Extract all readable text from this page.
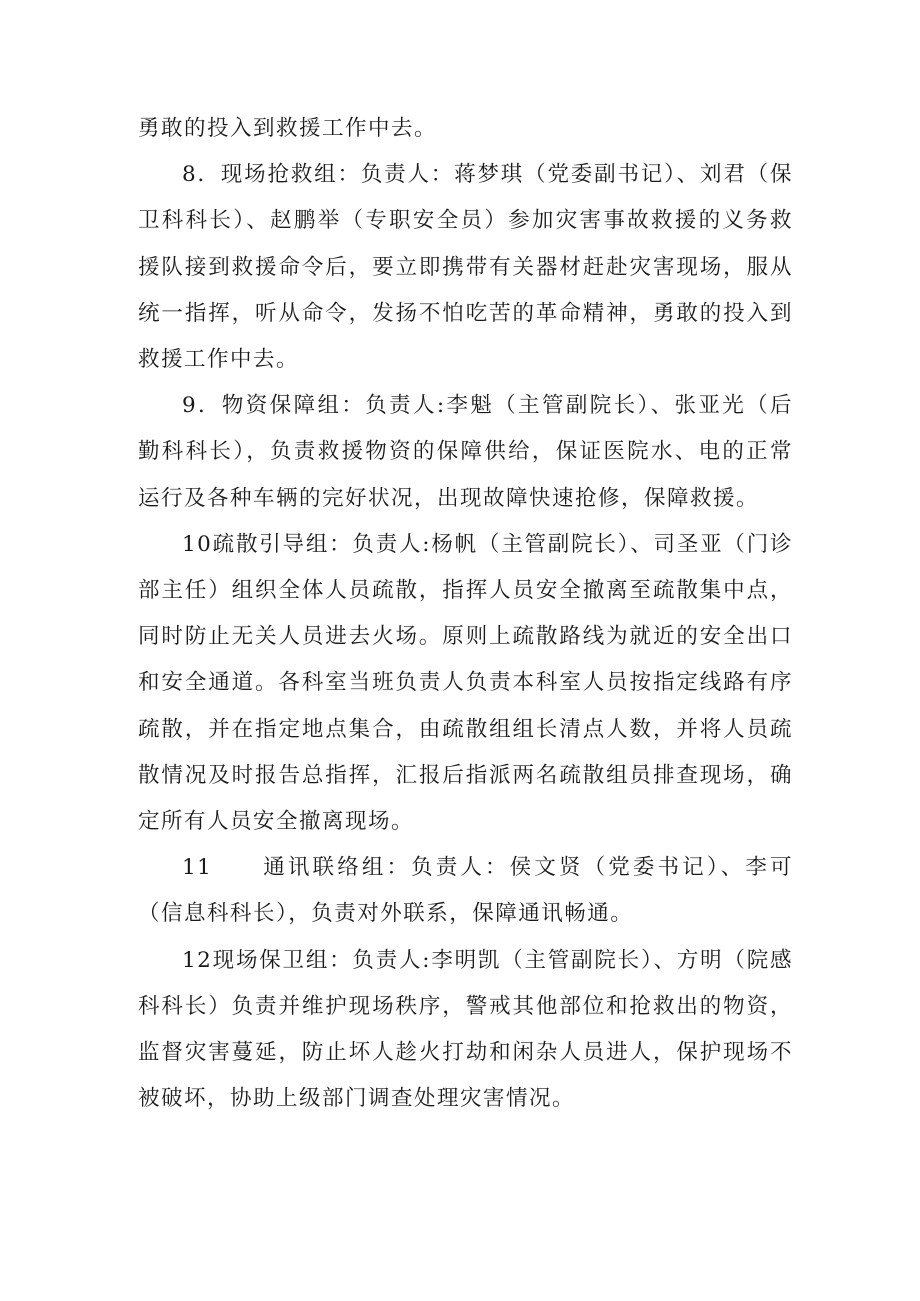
勇敢的投入到救援工作中去。

8．现场抢救组：负责人：蒋梦琪（党委副书记）、刘君（保卫科科长）、赵鹏举（专职安全员）参加灾害事故救援的义务救援队接到救援命令后，要立即携带有关器材赶赴灾害现场，服从统一指挥，听从命令，发扬不怕吃苦的革命精神，勇敢的投入到救援工作中去。

9．物资保障组：负责人:李魁（主管副院长）、张亚光（后勤科科长），负责救援物资的保障供给，保证医院水、电的正常运行及各种车辆的完好状况，出现故障快速抢修，保障救援。

10疏散引导组：负责人:杨帆（主管副院长）、司圣亚（门诊部主任）组织全体人员疏散，指挥人员安全撤离至疏散集中点，同时防止无关人员进去火场。原则上疏散路线为就近的安全出口和安全通道。各科室当班负责人负责本科室人员按指定线路有序疏散，并在指定地点集合，由疏散组组长清点人数，并将人员疏散情况及时报告总指挥，汇报后指派两名疏散组员排查现场，确定所有人员安全撤离现场。

11　　通讯联络组：负责人：侯文贤（党委书记）、李可（信息科科长），负责对外联系，保障通讯畅通。

12现场保卫组：负责人:李明凯（主管副院长）、方明（院感科科长）负责并维护现场秩序，警戒其他部位和抢救出的物资，监督灾害蔓延，防止坏人趁火打劫和闲杂人员进人，保护现场不被破坏，协助上级部门调查处理灾害情况。
